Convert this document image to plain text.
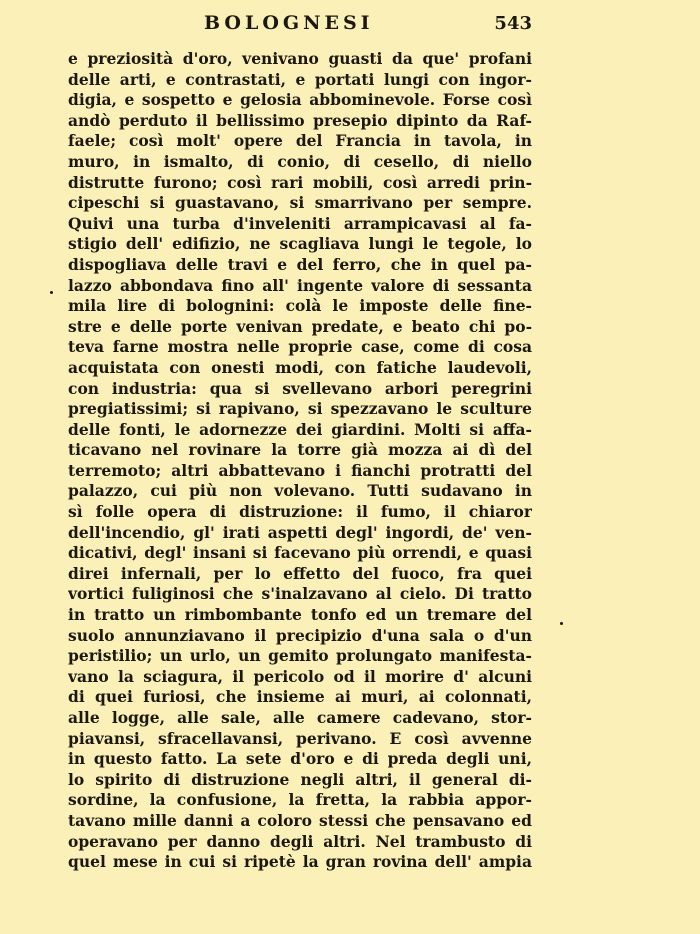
BOLOGNESI	543
e preziosità d'oro, venivano guasti da que' profani
delle arti, e contrastati, e portati lungi con ingor-
digia, e sospetto e gelosia abbominevole. Forse così
andò perduto il bellissimo presepio dipinto da Raf-
faele; così molt' opere del Francia in tavola, in
muro, in ismalto, di conio, di cesello, di niello
distrutte furono; così rari mobili, così arredi prin-
cipeschi si guastavano, si smarrivano per sempre.
Quivi una turba d'inveleniti arrampicavasi al fa-
stigio dell' edifizio, ne scagliava lungi le tegole, lo
dispogliava delle travi e del ferro, che in quel pa-
lazzo abbondava fino all' ingente valore di sessanta
mila lire di bolognini: colà le imposte delle fine-
stre e delle porte venivan predate, e beato chi po-
teva farne mostra nelle proprie case, come di cosa
acquistata con onesti modi, con fatiche laudevoli,
con industria: qua si svellevano arbori peregrini
pregiatissimi; si rapivano, si spezzavano le sculture
delle fonti, le adornezze dei giardini. Molti si affa-
ticavano nel rovinare la torre già mozza ai dì del
terremoto; altri abbattevano i fianchi protratti del
palazzo, cui più non volevano. Tutti sudavano in
sì folle opera di distruzione: il fumo, il chiaror
dell'incendio, gl' irati aspetti degl' ingordi, de' ven-
dicativi, degl' insani si facevano più orrendi, e quasi
direi infernali, per lo effetto del fuoco, fra quei
vortici fuliginosi che s'inalzavano al cielo. Di tratto
in tratto un rimbombante tonfo ed un tremare del
suolo annunziavano il precipizio d'una sala o d'un
peristilio; un urlo, un gemito prolungato manifesta-
vano la sciagura, il pericolo od il morire d' alcuni
di quei furiosi, che insieme ai muri, ai colonnati,
alle logge, alle sale, alle camere cadevano, stor-
piavansi, sfracellavansi, perivano. E così avvenne
in questo fatto. La sete d'oro e di preda degli uni,
lo spirito di distruzione negli altri, il general di-
sordine, la confusione, la fretta, la rabbia appor-
tavano mille danni a coloro stessi che pensavano ed
operavano per danno degli altri. Nel trambusto di
quel mese in cui si ripetè la gran rovina dell' ampia
